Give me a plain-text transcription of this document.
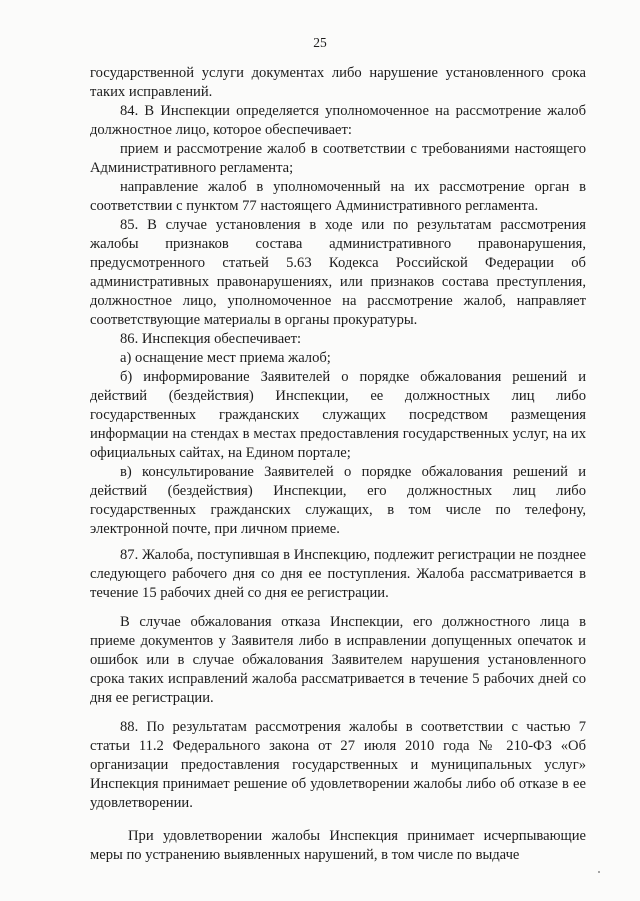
25

государственной услуги документах либо нарушение установленного срока таких исправлений.

84. В Инспекции определяется уполномоченное на рассмотрение жалоб должностное лицо, которое обеспечивает:

прием и рассмотрение жалоб в соответствии с требованиями настоящего Административного регламента;

направление жалоб в уполномоченный на их рассмотрение орган в соответствии с пунктом 77 настоящего Административного регламента.

85. В случае установления в ходе или по результатам рассмотрения жалобы признаков состава административного правонарушения, предусмотренного статьей 5.63 Кодекса Российской Федерации об административных правонарушениях, или признаков состава преступления, должностное лицо, уполномоченное на рассмотрение жалоб, направляет соответствующие материалы в органы прокуратуры.

86. Инспекция обеспечивает:

а) оснащение мест приема жалоб;

б) информирование Заявителей о порядке обжалования решений и действий (бездействия) Инспекции, ее должностных лиц либо государственных гражданских служащих посредством размещения информации на стендах в местах предоставления государственных услуг, на их официальных сайтах, на Едином портале;

в) консультирование Заявителей о порядке обжалования решений и действий (бездействия) Инспекции, его должностных лиц либо государственных гражданских служащих, в том числе по телефону, электронной почте, при личном приеме.

87. Жалоба, поступившая в Инспекцию, подлежит регистрации не позднее следующего рабочего дня со дня ее поступления. Жалоба рассматривается в течение 15 рабочих дней со дня ее регистрации.

В случае обжалования отказа Инспекции, его должностного лица в приеме документов у Заявителя либо в исправлении допущенных опечаток и ошибок или в случае обжалования Заявителем нарушения установленного срока таких исправлений жалоба рассматривается в течение 5 рабочих дней со дня ее регистрации.

88. По результатам рассмотрения жалобы в соответствии с частью 7 статьи 11.2 Федерального закона от 27 июля 2010 года № 210-ФЗ «Об организации предоставления государственных и муниципальных услуг» Инспекция принимает решение об удовлетворении жалобы либо об отказе в ее удовлетворении.

При удовлетворении жалобы Инспекция принимает исчерпывающие меры по устранению выявленных нарушений, в том числе по выдаче
